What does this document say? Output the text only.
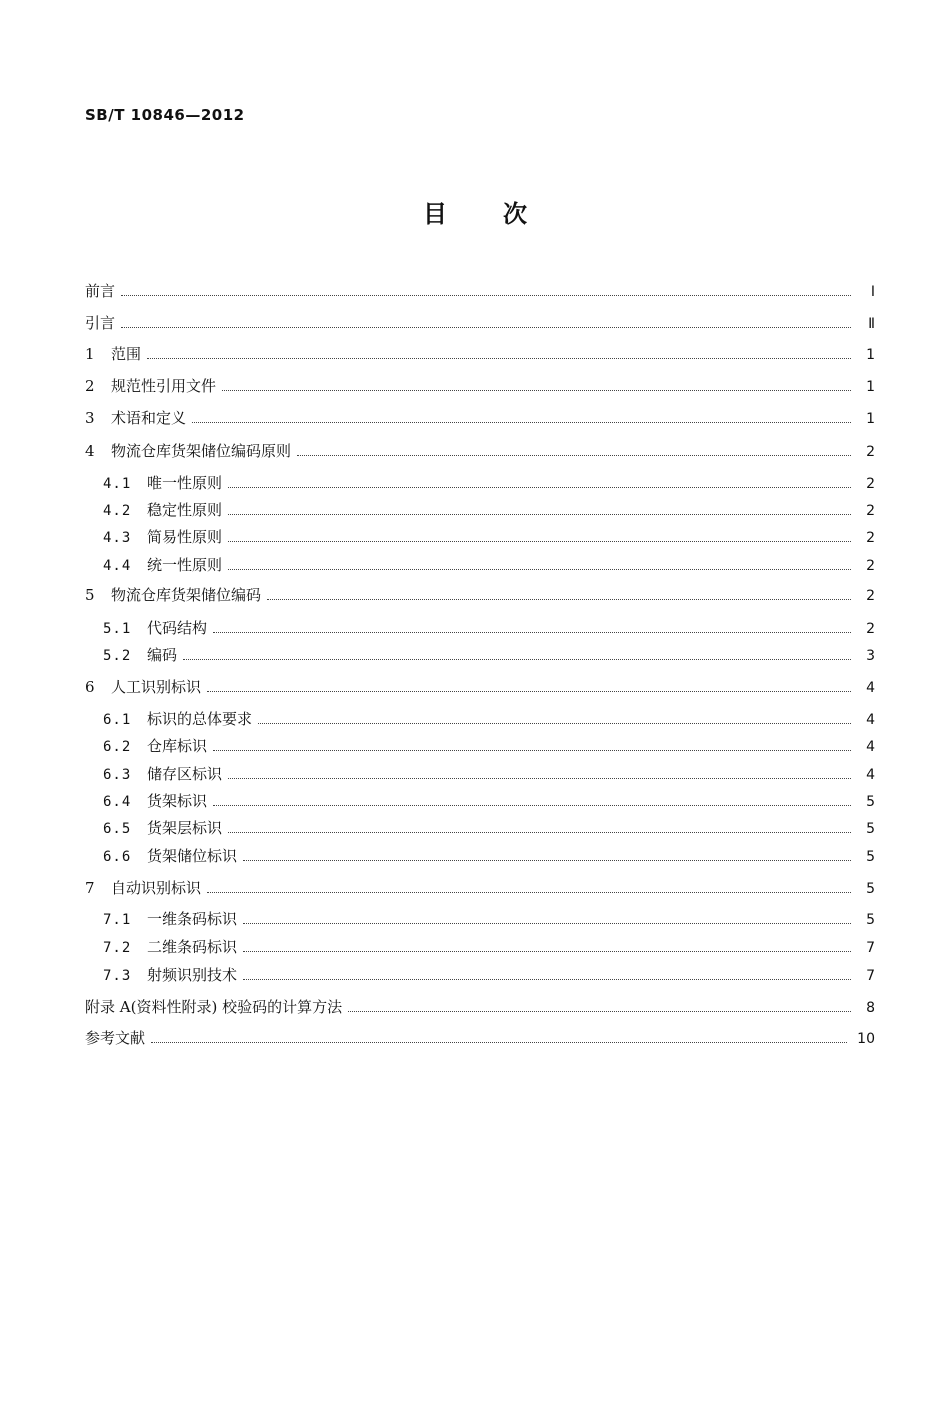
SB/T 10846—2012
目 次
前言	Ⅰ
引言	Ⅱ
1	范围	1
2	规范性引用文件	1
3	术语和定义	1
4	物流仓库货架储位编码原则	2
4.1	唯一性原则	2
4.2	稳定性原则	2
4.3	简易性原则	2
4.4	统一性原则	2
5	物流仓库货架储位编码	2
5.1	代码结构	2
5.2	编码	3
6	人工识别标识	4
6.1	标识的总体要求	4
6.2	仓库标识	4
6.3	储存区标识	4
6.4	货架标识	5
6.5	货架层标识	5
6.6	货架储位标识	5
7	自动识别标识	5
7.1	一维条码标识	5
7.2	二维条码标识	7
7.3	射频识别技术	7
附录 A(资料性附录) 校验码的计算方法	8
参考文献	10
